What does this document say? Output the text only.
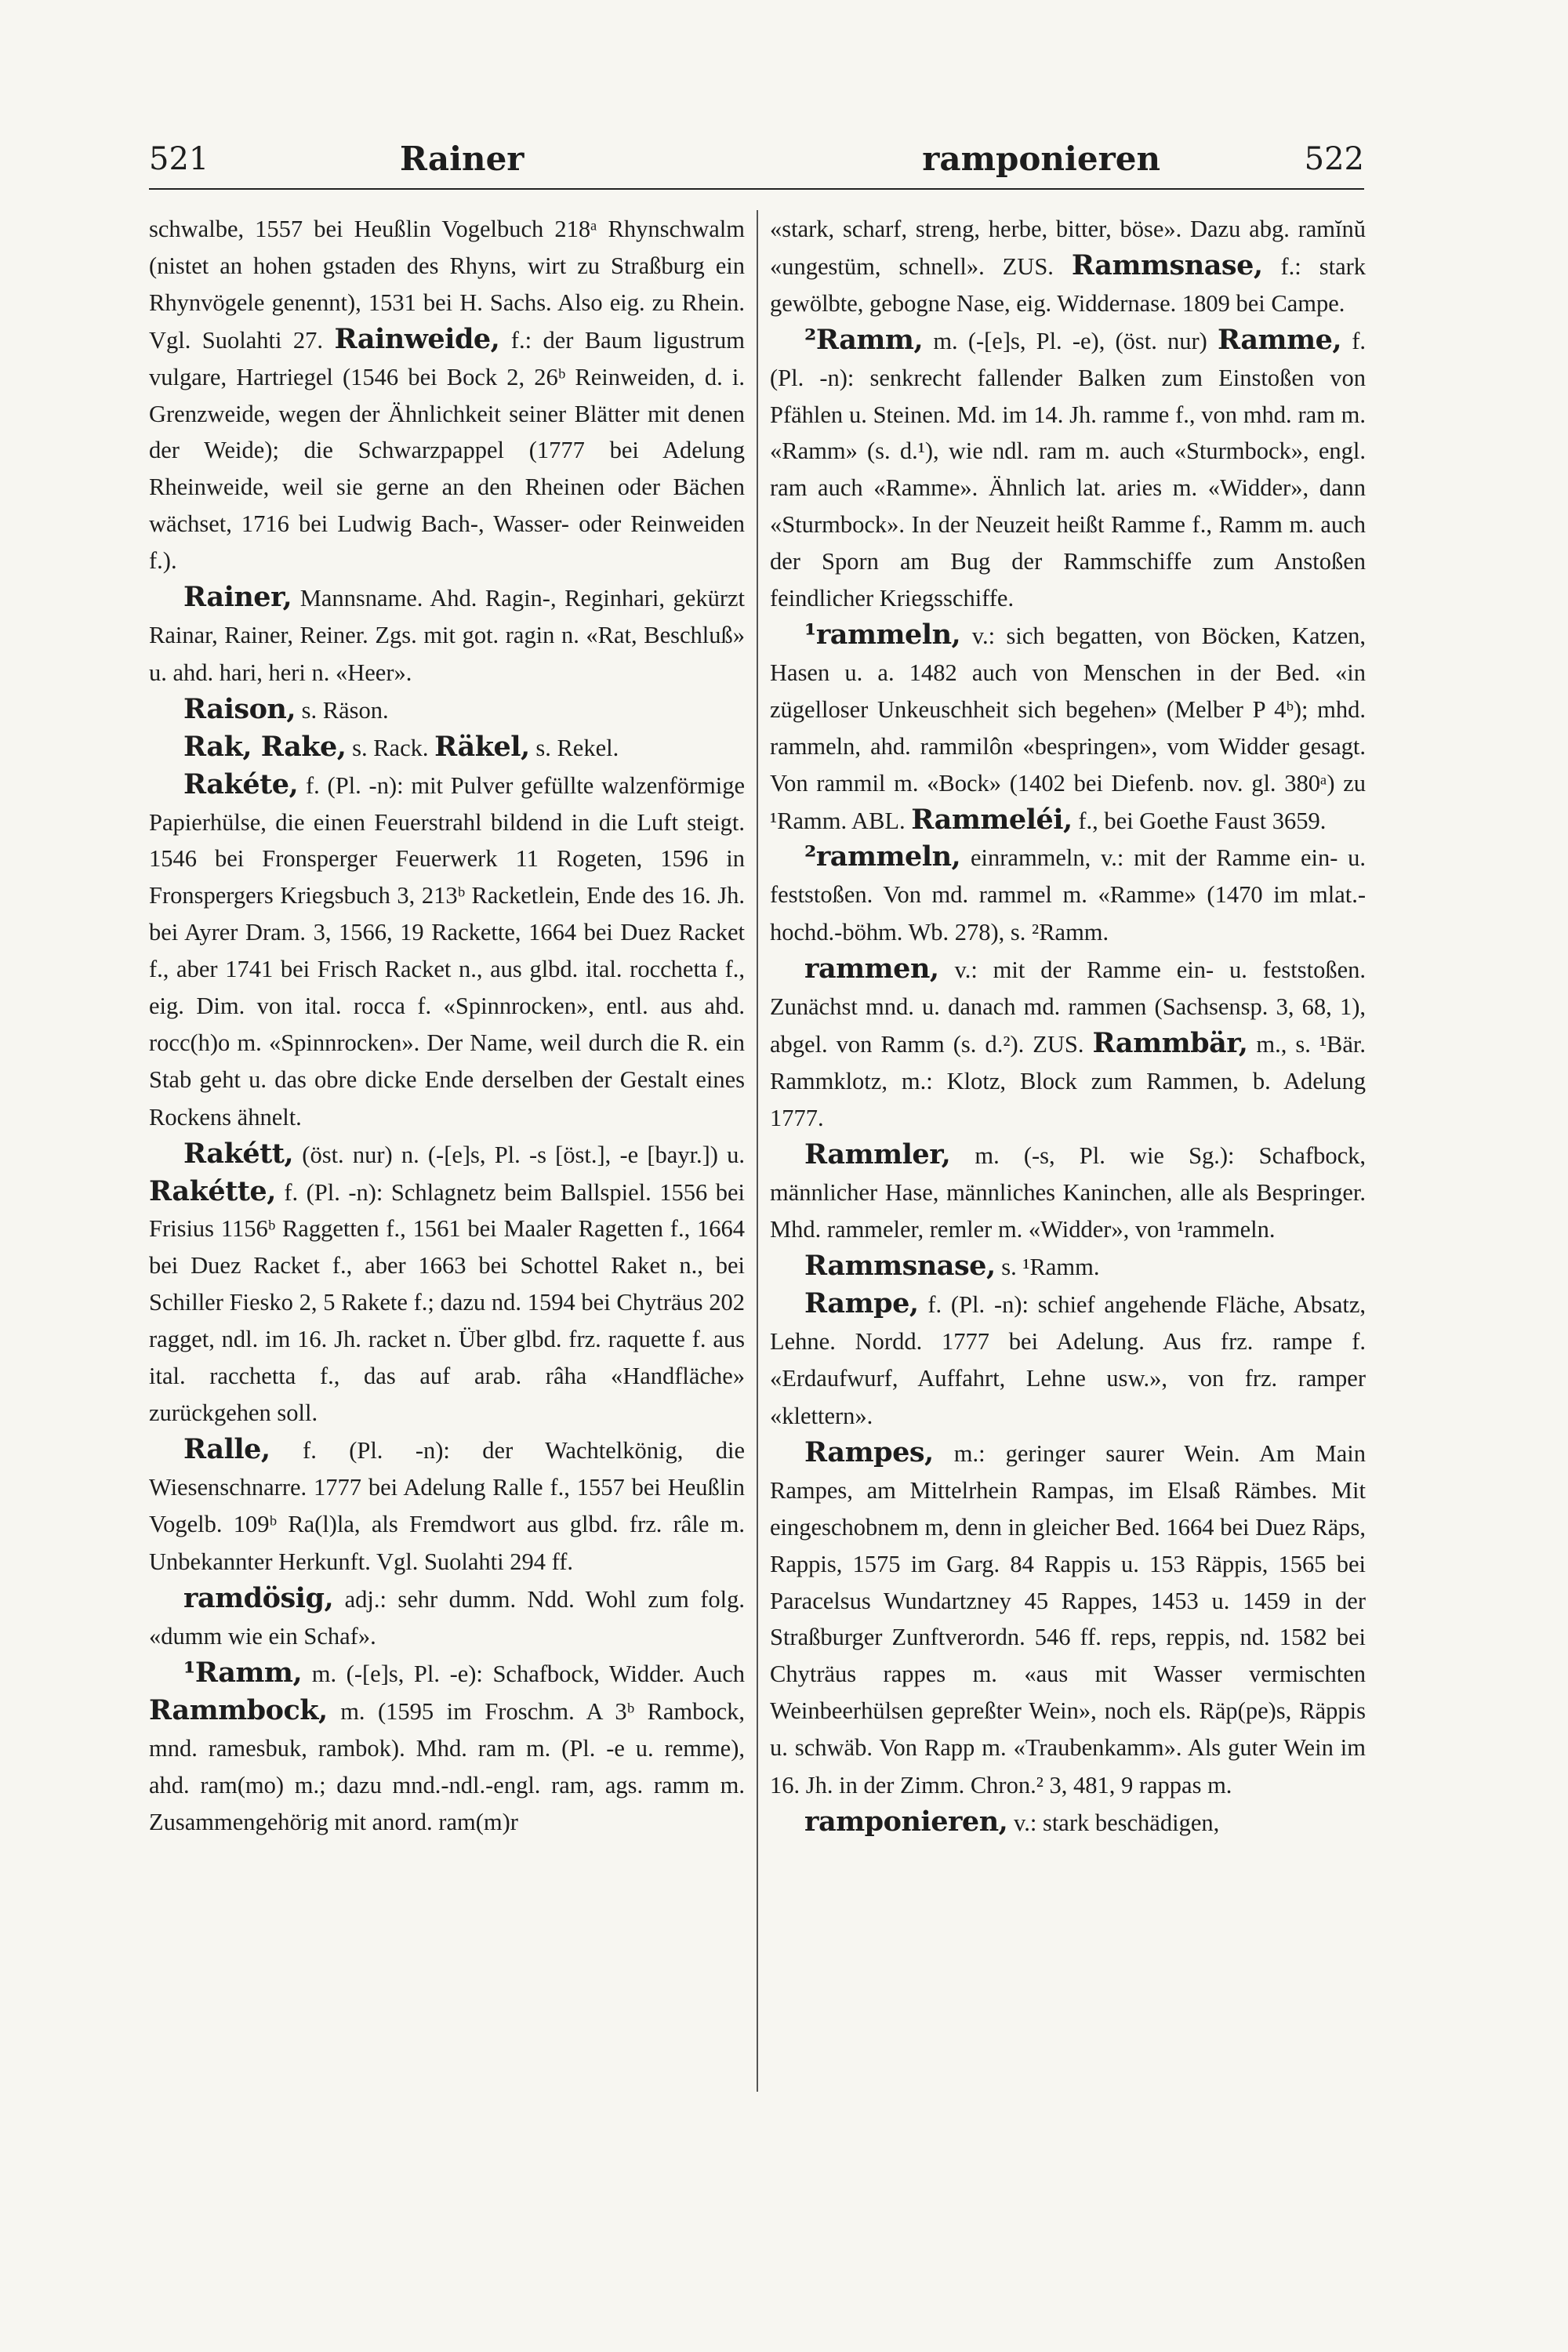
521	Rainer	ramponieren	522

schwalbe, 1557 bei Heußlin Vogelbuch 218ᵃ Rhynschwalm (nistet an hohen gstaden des Rhyns, wirt zu Straßburg ein Rhynvögele genennt), 1531 bei H. Sachs. Also eig. zu Rhein. Vgl. Suolahti 27. Rainweide, f.: der Baum ligustrum vulgare, Hartriegel (1546 bei Bock 2, 26ᵇ Reinweiden, d. i. Grenzweide, wegen der Ähnlichkeit seiner Blätter mit denen der Weide); die Schwarzpappel (1777 bei Adelung Rheinweide, weil sie gerne an den Rheinen oder Bächen wächset, 1716 bei Ludwig Bach-, Wasser- oder Reinweiden f.).

Rainer, Mannsname. Ahd. Ragin-, Reginhari, gekürzt Rainar, Rainer, Reiner. Zgs. mit got. ragin n. «Rat, Beschluß» u. ahd. hari, heri n. «Heer».

Raison, s. Räson.

Rak, Rake, s. Rack. Räkel, s. Rekel.

Rakéte, f. (Pl. -n): mit Pulver gefüllte walzenförmige Papierhülse, die einen Feuerstrahl bildend in die Luft steigt. 1546 bei Fronsperger Feuerwerk 11 Rogeten, 1596 in Fronspergers Kriegsbuch 3, 213ᵇ Racketlein, Ende des 16. Jh. bei Ayrer Dram. 3, 1566, 19 Rackette, 1664 bei Duez Racket f., aber 1741 bei Frisch Racket n., aus glbd. ital. rocchetta f., eig. Dim. von ital. rocca f. «Spinnrocken», entl. aus ahd. rocc(h)o m. «Spinnrocken». Der Name, weil durch die R. ein Stab geht u. das obre dicke Ende derselben der Gestalt eines Rockens ähnelt.

Rakétt, (öst. nur) n. (-[e]s, Pl. -s [öst.], -e [bayr.]) u. Rakétte, f. (Pl. -n): Schlagnetz beim Ballspiel. 1556 bei Frisius 1156ᵇ Raggetten f., 1561 bei Maaler Ragetten f., 1664 bei Duez Racket f., aber 1663 bei Schottel Raket n., bei Schiller Fiesko 2, 5 Rakete f.; dazu nd. 1594 bei Chyträus 202 ragget, ndl. im 16. Jh. racket n. Über glbd. frz. raquette f. aus ital. racchetta f., das auf arab. râha «Handfläche» zurückgehen soll.

Ralle, f. (Pl. -n): der Wachtelkönig, die Wiesenschnarre. 1777 bei Adelung Ralle f., 1557 bei Heußlin Vogelb. 109ᵇ Ra(l)la, als Fremdwort aus glbd. frz. râle m. Unbekannter Herkunft. Vgl. Suolahti 294 ff.

ramdösig, adj.: sehr dumm. Ndd. Wohl zum folg. «dumm wie ein Schaf».

¹Ramm, m. (-[e]s, Pl. -e): Schafbock, Widder. Auch Rammbock, m. (1595 im Froschm. A 3ᵇ Rambock, mnd. ramesbuk, rambok). Mhd. ram m. (Pl. -e u. remme), ahd. ram(mo) m.; dazu mnd.-ndl.-engl. ram, ags. ramm m. Zusammengehörig mit anord. ram(m)r

«stark, scharf, streng, herbe, bitter, böse». Dazu abg. ramĭnŭ «ungestüm, schnell». ZUS. Rammsnase, f.: stark gewölbte, gebogne Nase, eig. Widdernase. 1809 bei Campe.

²Ramm, m. (-[e]s, Pl. -e), (öst. nur) Ramme, f. (Pl. -n): senkrecht fallender Balken zum Einstoßen von Pfählen u. Steinen. Md. im 14. Jh. ramme f., von mhd. ram m. «Ramm» (s. d.¹), wie ndl. ram m. auch «Sturmbock», engl. ram auch «Ramme». Ähnlich lat. aries m. «Widder», dann «Sturmbock». In der Neuzeit heißt Ramme f., Ramm m. auch der Sporn am Bug der Rammschiffe zum Anstoßen feindlicher Kriegsschiffe.

¹rammeln, v.: sich begatten, von Böcken, Katzen, Hasen u. a. 1482 auch von Menschen in der Bed. «in zügelloser Unkeuschheit sich begehen» (Melber P 4ᵇ); mhd. rammeln, ahd. rammilôn «bespringen», vom Widder gesagt. Von rammil m. «Bock» (1402 bei Diefenb. nov. gl. 380ᵃ) zu ¹Ramm. ABL. Rammeléi, f., bei Goethe Faust 3659.

²rammeln, einrammeln, v.: mit der Ramme ein- u. feststoßen. Von md. rammel m. «Ramme» (1470 im mlat.-hochd.-böhm. Wb. 278), s. ²Ramm.

rammen, v.: mit der Ramme ein- u. feststoßen. Zunächst mnd. u. danach md. rammen (Sachsensp. 3, 68, 1), abgel. von Ramm (s. d.²). ZUS. Rammbär, m., s. ¹Bär. Rammklotz, m.: Klotz, Block zum Rammen, b. Adelung 1777.

Rammler, m. (-s, Pl. wie Sg.): Schafbock, männlicher Hase, männliches Kaninchen, alle als Bespringer. Mhd. rammeler, remler m. «Widder», von ¹rammeln.

Rammsnase, s. ¹Ramm.

Rampe, f. (Pl. -n): schief angehende Fläche, Absatz, Lehne. Nordd. 1777 bei Adelung. Aus frz. rampe f. «Erdaufwurf, Auffahrt, Lehne usw.», von frz. ramper «klettern».

Rampes, m.: geringer saurer Wein. Am Main Rampes, am Mittelrhein Rampas, im Elsaß Rämbes. Mit eingeschobnem m, denn in gleicher Bed. 1664 bei Duez Räps, Rappis, 1575 im Garg. 84 Rappis u. 153 Räppis, 1565 bei Paracelsus Wundartzney 45 Rappes, 1453 u. 1459 in der Straßburger Zunftverordn. 546 ff. reps, reppis, nd. 1582 bei Chyträus rappes m. «aus mit Wasser vermischten Weinbeerhülsen gepreßter Wein», noch els. Räp(pe)s, Räppis u. schwäb. Von Rapp m. «Traubenkamm». Als guter Wein im 16. Jh. in der Zimm. Chron.² 3, 481, 9 rappas m.

ramponieren, v.: stark beschädigen,
